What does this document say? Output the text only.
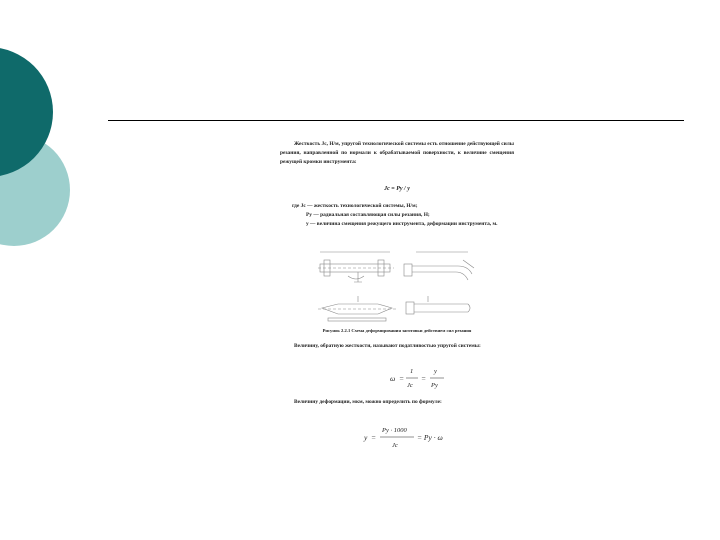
Жесткость Jc, Н/м, упругой технологической системы есть отношение действующей силы резания, направленной по нормали к обрабатываемой поверхности, к величине смещения режущей кромки инструмента:

Jc = Py / y

где Jc — жесткость технологической системы, Н/м;

Py — радиальная составляющая силы резания, Н;

y — величина смещения режущего инструмента, деформации инструмента, м.

Рисунок 2.2.1 Схема деформирования заготовки действием сил резания

Величину, обратную жесткости, называют податливостью упругой системы:

ω =
1
Jc
=
y
Py

Величину деформации, мкм, можно определить по формуле:

y =
Py · 1000
Jc
= Py · ω
